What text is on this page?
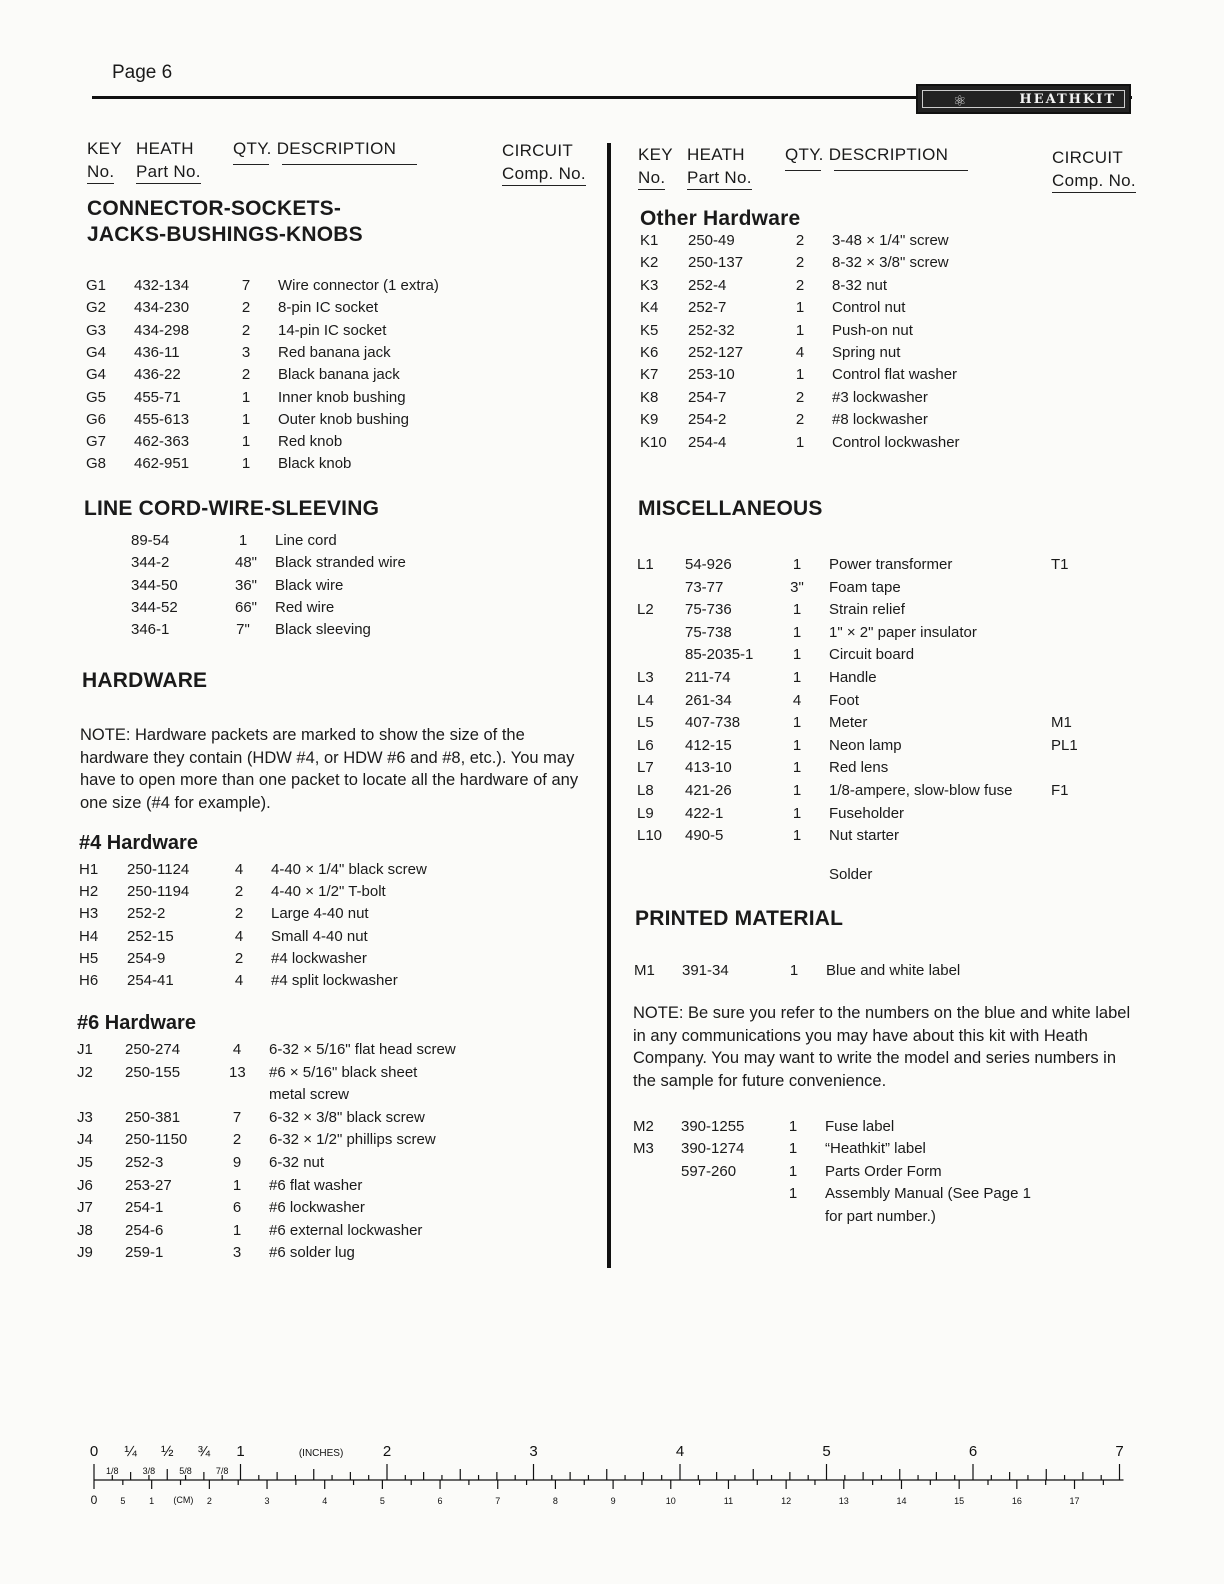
Page 6
⚛	HEATHKIT
KEY
No.
HEATH
Part No.
QTY. DESCRIPTION	CIRCUIT
Comp. No.
CONNECTOR-SOCKETS-
JACKS-BUSHINGS-KNOBS
G1 432-134	7 Wire connector (1 extra)
G2 434-230	2 8-pin IC socket
G3 434-298	2 14-pin IC socket
G4 436-11	3 Red banana jack
G4 436-22	2 Black banana jack
G5 455-71	1 Inner knob bushing
G6 455-613	1 Outer knob bushing
G7 462-363	1 Red knob
G8 462-951	1 Black knob
LINE CORD-WIRE-SLEEVING
89-54	1 Line cord
344-2	48" Black stranded wire
344-50	36" Black wire
344-52	66" Red wire
346-1	7" Black sleeving
HARDWARE
NOTE: Hardware packets are marked to show the size of the hardware they contain (HDW #4, or HDW #6 and #8, etc.). You may have to open more than one packet to locate all the hardware of any one size (#4 for example).
#4 Hardware
H1 250-1124	4 4-40 × 1/4" black screw
H2 250-1194	2 4-40 × 1/2" T-bolt
H3 252-2	2 Large 4-40 nut
H4 252-15	4 Small 4-40 nut
H5 254-9	2 #4 lockwasher
H6 254-41	4 #4 split lockwasher
#6 Hardware
J1 250-274	4 6-32 × 5/16" flat head screw
J2 250-155	13 #6 × 5/16" black sheet
metal screw
J3 250-381	7 6-32 × 3/8" black screw
J4 250-1150	2 6-32 × 1/2" phillips screw
J5 252-3	9 6-32 nut
J6 253-27	1 #6 flat washer
J7 254-1	6 #6 lockwasher
J8 254-6	1 #6 external lockwasher
J9 259-1	3 #6 solder lug
KEY
No.
HEATH
Part No.
QTY. DESCRIPTION	CIRCUIT
Comp. No.
Other Hardware
K1 250-49	2 3-48 × 1/4" screw
K2 250-137	2 8-32 × 3/8" screw
K3 252-4	2 8-32 nut
K4 252-7	1 Control nut
K5 252-32	1 Push-on nut
K6 252-127	4 Spring nut
K7 253-10	1 Control flat washer
K8 254-7	2 #3 lockwasher
K9 254-2	2 #8 lockwasher
K10 254-4	1 Control lockwasher
MISCELLANEOUS
L1 54-926	1 Power transformer	T1
73-77	3" Foam tape
L2 75-736	1 Strain relief
75-738	1 1" × 2" paper insulator
85-2035-1	1 Circuit board
L3 211-74	1 Handle
L4 261-34	4 Foot
L5 407-738	1 Meter	M1
L6 412-15	1 Neon lamp	PL1
L7 413-10	1 Red lens
L8 421-26	1 1/8-ampere, slow-blow fuse	F1
L9 422-1	1 Fuseholder
L10 490-5	1 Nut starter
Solder
PRINTED MATERIAL
M1 391-34	1 Blue and white label
NOTE: Be sure you refer to the numbers on the blue and white label in any communications you may have about this kit with Heath Company. You may want to write the model and series numbers in the sample for future convenience.
M2 390-1255	1 Fuse label
M3 390-1274	1 “Heathkit” label
597-260	1 Parts Order Form
1 Assembly Manual (See Page 1
for part number.)
0 ¼ ½ ¾ 1	2	3	4	5	6	7
(INCHES)
1/8	3/8	5/8	7/8
0	5	1	2	3	4	5	6	7	8	9	10	11	12	13	14	15	16	17
(CM)
